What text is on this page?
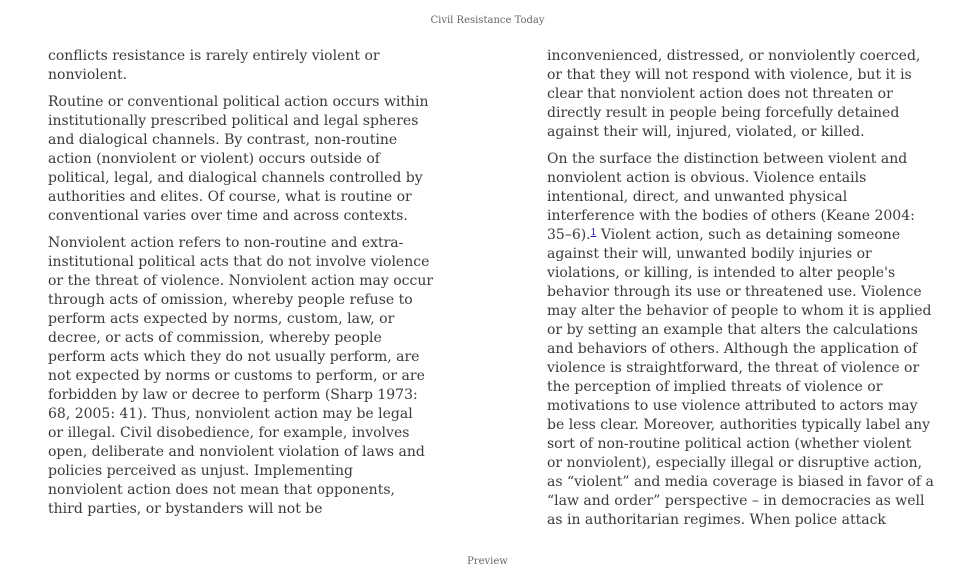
Civil Resistance Today

conflicts resistance is rarely entirely violent or
nonviolent.

Routine or conventional political action occurs within
institutionally prescribed political and legal spheres
and dialogical channels. By contrast, non-routine
action (nonviolent or violent) occurs outside of
political, legal, and dialogical channels controlled by
authorities and elites. Of course, what is routine or
conventional varies over time and across contexts.

Nonviolent action refers to non-routine and extra-
institutional political acts that do not involve violence
or the threat of violence. Nonviolent action may occur
through acts of omission, whereby people refuse to
perform acts expected by norms, custom, law, or
decree, or acts of commission, whereby people
perform acts which they do not usually perform, are
not expected by norms or customs to perform, or are
forbidden by law or decree to perform (Sharp 1973:
68, 2005: 41). Thus, nonviolent action may be legal
or illegal. Civil disobedience, for example, involves
open, deliberate and nonviolent violation of laws and
policies perceived as unjust. Implementing
nonviolent action does not mean that opponents,
third parties, or bystanders will not be

inconvenienced, distressed, or nonviolently coerced,
or that they will not respond with violence, but it is
clear that nonviolent action does not threaten or
directly result in people being forcefully detained
against their will, injured, violated, or killed.

On the surface the distinction between violent and
nonviolent action is obvious. Violence entails
intentional, direct, and unwanted physical
interference with the bodies of others (Keane 2004:
35–6).$^1$ Violent action, such as detaining someone
against their will, unwanted bodily injuries or
violations, or killing, is intended to alter people's
behavior through its use or threatened use. Violence
may alter the behavior of people to whom it is applied
or by setting an example that alters the calculations
and behaviors of others. Although the application of
violence is straightforward, the threat of violence or
the perception of implied threats of violence or
motivations to use violence attributed to actors may
be less clear. Moreover, authorities typically label any
sort of non-routine political action (whether violent
or nonviolent), especially illegal or disruptive action,
as “violent” and media coverage is biased in favor of a
“law and order” perspective – in democracies as well
as in authoritarian regimes. When police attack

Preview
